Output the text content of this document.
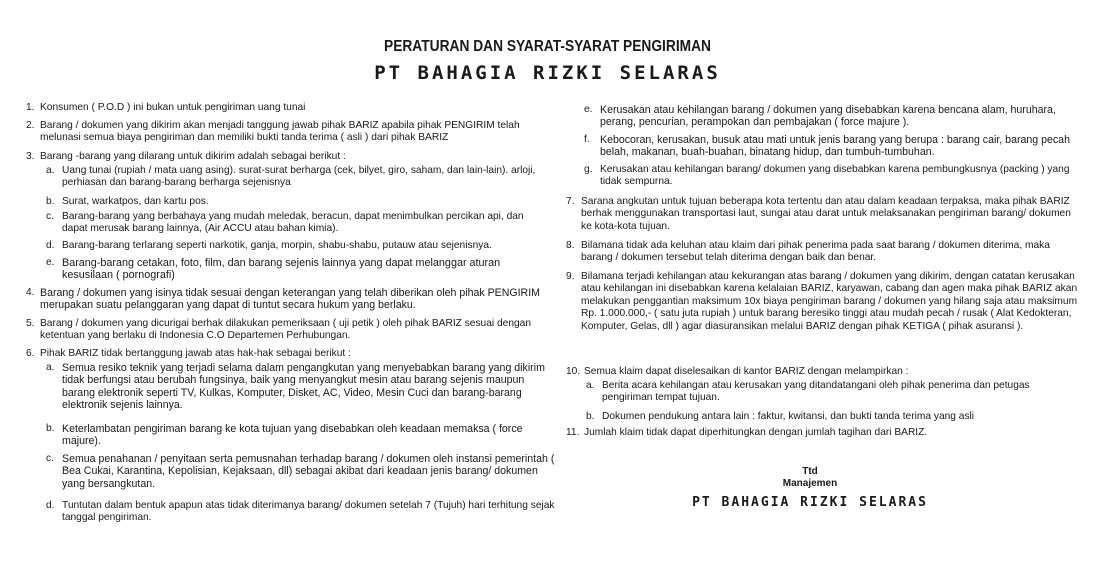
PERATURAN DAN SYARAT-SYARAT PENGIRIMAN
PT BAHAGIA RIZKI SELARAS
1. Konsumen ( P.O.D ) ini bukan untuk pengiriman uang tunai
2. Barang / dokumen yang dikirim akan menjadi tanggung jawab pihak BARIZ apabila pihak PENGIRIM telah melunasi semua biaya pengiriman dan memiliki bukti tanda terima ( asli ) dari pihak BARIZ
3. Barang -barang yang dilarang untuk dikirim adalah sebagai berikut :
a. Uang tunai (rupiah / mata uang asing). surat-surat berharga (cek, bilyet, giro, saham, dan lain-lain). arloji, perhiasan dan barang-barang berharga sejenisnya
b. Surat, warkatpos, dan kartu pos.
c. Barang-barang yang berbahaya yang mudah meledak, beracun, dapat menimbulkan percikan api, dan dapat merusak barang lainnya, (Air ACCU atau bahan kimia).
d. Barang-barang terlarang seperti narkotik, ganja, morpin, shabu-shabu, putauw atau sejenisnya.
e. Barang-barang cetakan, foto, film, dan barang sejenis lainnya yang dapat melanggar aturan kesusilaan ( pornografi)
4. Barang / dokumen yang isinya tidak sesuai dengan keterangan yang telah diberikan oleh pihak PENGIRIM merupakan suatu pelanggaran yang dapat di tuntut secara hukum yang berlaku.
5. Barang / dokumen yang dicurigai berhak dilakukan pemeriksaan ( uji petik ) oleh pihak BARIZ sesuai dengan ketentuan yang berlaku di Indonesia C.O Departemen Perhubungan.
6. Pihak BARIZ tidak bertanggung jawab atas hak-hak sebagai berikut :
a. Semua resiko teknik yang terjadi selama dalam pengangkutan yang menyebabkan barang yang dikirim tidak berfungsi atau berubah fungsinya, baik yang menyangkut mesin atau barang sejenis maupun barang elektronik seperti TV, Kulkas, Komputer, Disket, AC, Video, Mesin Cuci dan barang-barang elektronik sejenis lainnya.
b. Keterlambatan pengiriman barang ke kota tujuan yang disebabkan oleh keadaan memaksa ( force majure).
c. Semua penahanan / penyitaan serta pemusnahan terhadap barang / dokumen oleh instansi pemerintah ( Bea Cukai, Karantina, Kepolisian, Kejaksaan, dll) sebagai akibat dari keadaan jenis barang/ dokumen yang bersangkutan.
d. Tuntutan dalam bentuk apapun atas tidak diterimanya barang/ dokumen setelah 7 (Tujuh) hari terhitung sejak tanggal pengiriman.
e. Kerusakan atau kehilangan barang / dokumen yang disebabkan karena bencana alam, huruhara, perang, pencurian, perampokan dan pembajakan ( force majure ).
f. Kebocoran, kerusakan, busuk atau mati untuk jenis barang yang berupa : barang cair, barang pecah belah, makanan, buah-buahan, binatang hidup, dan tumbuh-tumbuhan.
g. Kerusakan atau kehilangan barang/ dokumen yang disebabkan karena pembungkusnya (packing ) yang tidak sempurna.
7. Sarana angkutan untuk tujuan beberapa kota tertentu dan atau dalam keadaan terpaksa, maka pihak BARIZ berhak menggunakan transportasi laut, sungai atau darat untuk melaksanakan pengiriman barang/ dokumen ke kota-kota tujuan.
8. Bilamana tidak ada keluhan atau klaim dari pihak penerima pada saat barang / dokumen diterima, maka barang / dokumen tersebut telah diterima dengan baik dan benar.
9. Bilamana terjadi kehilangan atau kekurangan atas barang / dokumen yang dikirim, dengan catatan kerusakan atau kehilangan ini disebabkan karena kelalaian BARIZ, karyawan, cabang dan agen maka pihak BARIZ akan melakukan penggantian maksimum 10x biaya pengiriman barang / dokumen yang hilang saja atau maksimum Rp. 1.000.000,- ( satu juta rupiah ) untuk barang beresiko tinggi atau mudah pecah / rusak ( Alat Kedokteran, Komputer, Gelas, dll ) agar diasuransikan melalui BARIZ dengan pihak KETIGA ( pihak asuransi ).
10. Semua klaim dapat diselesaikan di kantor BARIZ dengan melampirkan :
a. Berita acara kehilangan atau kerusakan yang ditandatangani oleh pihak penerima dan petugas pengiriman tempat tujuan.
b. Dokumen pendukung antara lain : faktur, kwitansi, dan bukti tanda terima yang asli
11. Jumlah klaim tidak dapat diperhitungkan dengan jumlah tagihan dari BARIZ.
Ttd
Manajemen
PT BAHAGIA RIZKI SELARAS
